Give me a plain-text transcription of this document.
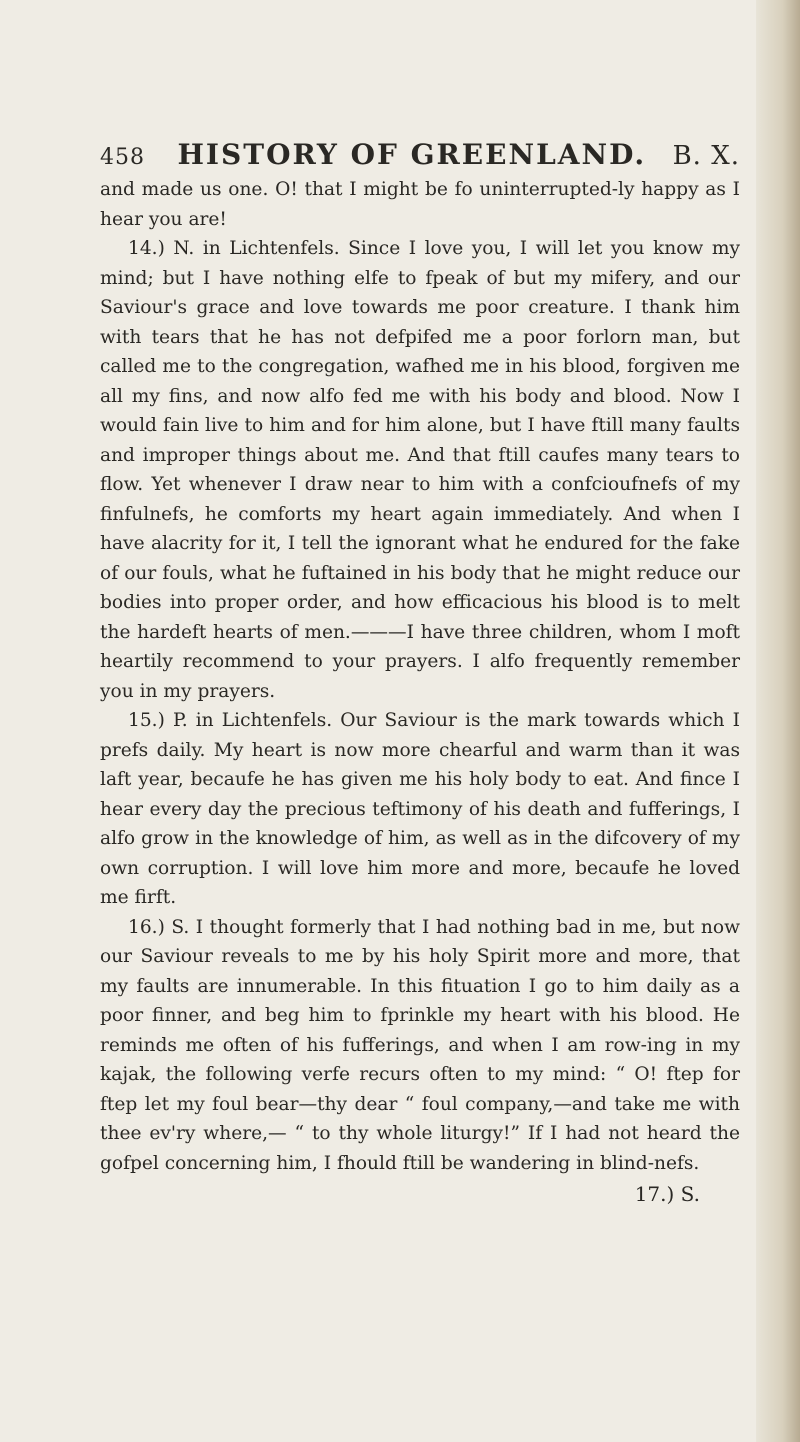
458	HISTORY OF GREENLAND.	B. X.

and made us one. O! that I might be fo uninterrupted-ly happy as I hear you are!

14.) N. in Lichtenfels. Since I love you, I will let you know my mind; but I have nothing elfe to fpeak of but my mifery, and our Saviour's grace and love towards me poor creature. I thank him with tears that he has not defpifed me a poor forlorn man, but called me to the congregation, wafhed me in his blood, forgiven me all my fins, and now alfo fed me with his body and blood. Now I would fain live to him and for him alone, but I have ftill many faults and improper things about me. And that ftill caufes many tears to flow. Yet whenever I draw near to him with a confcioufnefs of my finfulnefs, he comforts my heart again immediately. And when I have alacrity for it, I tell the ignorant what he endured for the fake of our fouls, what he fuftained in his body that he might reduce our bodies into proper order, and how efficacious his blood is to melt the hardeft hearts of men.———I have three children, whom I moft heartily recommend to your prayers. I alfo frequently remember you in my prayers.

15.) P. in Lichtenfels. Our Saviour is the mark towards which I prefs daily. My heart is now more chearful and warm than it was laft year, becaufe he has given me his holy body to eat. And fince I hear every day the precious teftimony of his death and fufferings, I alfo grow in the knowledge of him, as well as in the difcovery of my own corruption. I will love him more and more, becaufe he loved me firft.

16.) S. I thought formerly that I had nothing bad in me, but now our Saviour reveals to me by his holy Spirit more and more, that my faults are innumerable. In this fituation I go to him daily as a poor finner, and beg him to fprinkle my heart with his blood. He reminds me often of his fufferings, and when I am row-ing in my kajak, the following verfe recurs often to my mind: “ O! ftep for ftep let my foul bear—thy dear “ foul company,—and take me with thee ev'ry where,— “ to thy whole liturgy!” If I had not heard the gofpel concerning him, I fhould ftill be wandering in blind-nefs.

17.) S.
